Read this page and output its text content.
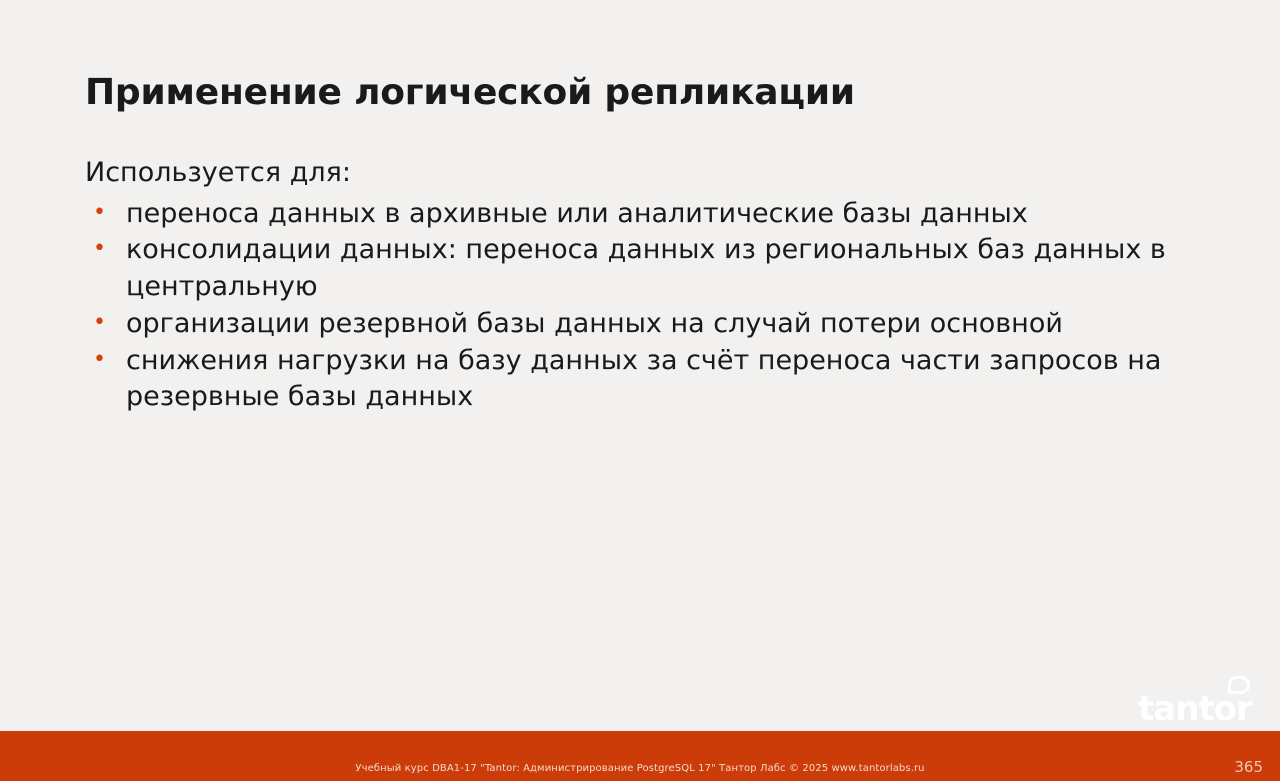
Применение логической репликации
Используется для:
• переноса данных в архивные или аналитические базы данных
• консолидации данных: переноса данных из региональных баз данных в центральную
• организации резервной базы данных на случай потери основной
• снижения нагрузки на базу данных за счёт переноса части запросов на резервные базы данных
tantor
Учебный курс DBA1-17 "Tantor: Администрирование PostgreSQL 17" Тантор Лабс © 2025 www.tantorlabs.ru	365
